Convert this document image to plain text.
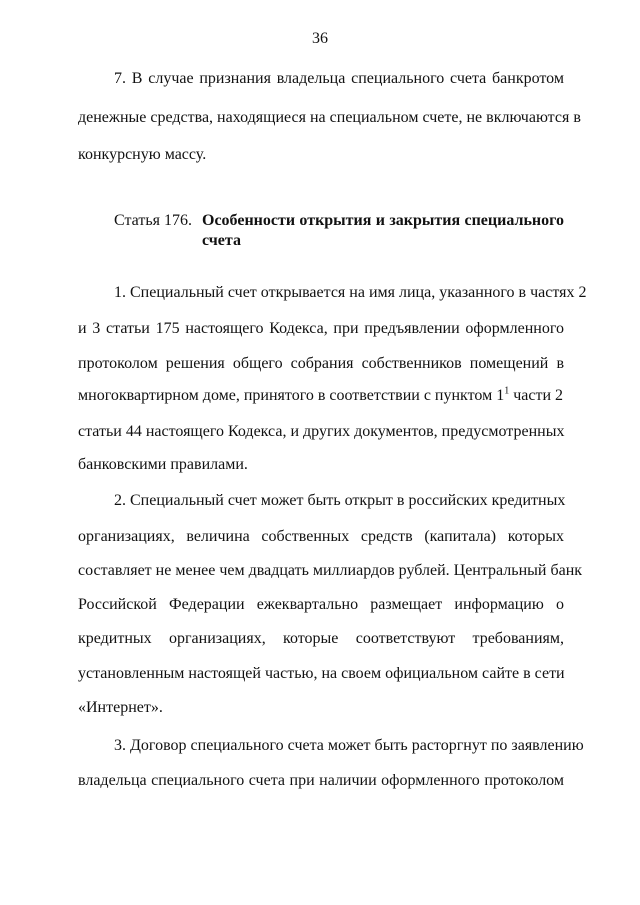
36
7. В случае признания владельца специального счета банкротом
денежные средства, находящиеся на специальном счете, не включаются в
конкурсную массу.
Статья 176. Особенности открытия и закрытия специального
счета
1. Специальный счет открывается на имя лица, указанного в частях 2
и 3 статьи 175 настоящего Кодекса, при предъявлении оформленного
протоколом решения общего собрания собственников помещений в
многоквартирном доме, принятого в соответствии с пунктом $1^1$ части 2
статьи 44 настоящего Кодекса, и других документов, предусмотренных
банковскими правилами.
2. Специальный счет может быть открыт в российских кредитных
организациях, величина собственных средств (капитала) которых
составляет не менее чем двадцать миллиардов рублей. Центральный банк
Российской Федерации ежеквартально размещает информацию о
кредитных организациях, которые соответствуют требованиям,
установленным настоящей частью, на своем официальном сайте в сети
«Интернет».
3. Договор специального счета может быть расторгнут по заявлению
владельца специального счета при наличии оформленного протоколом
